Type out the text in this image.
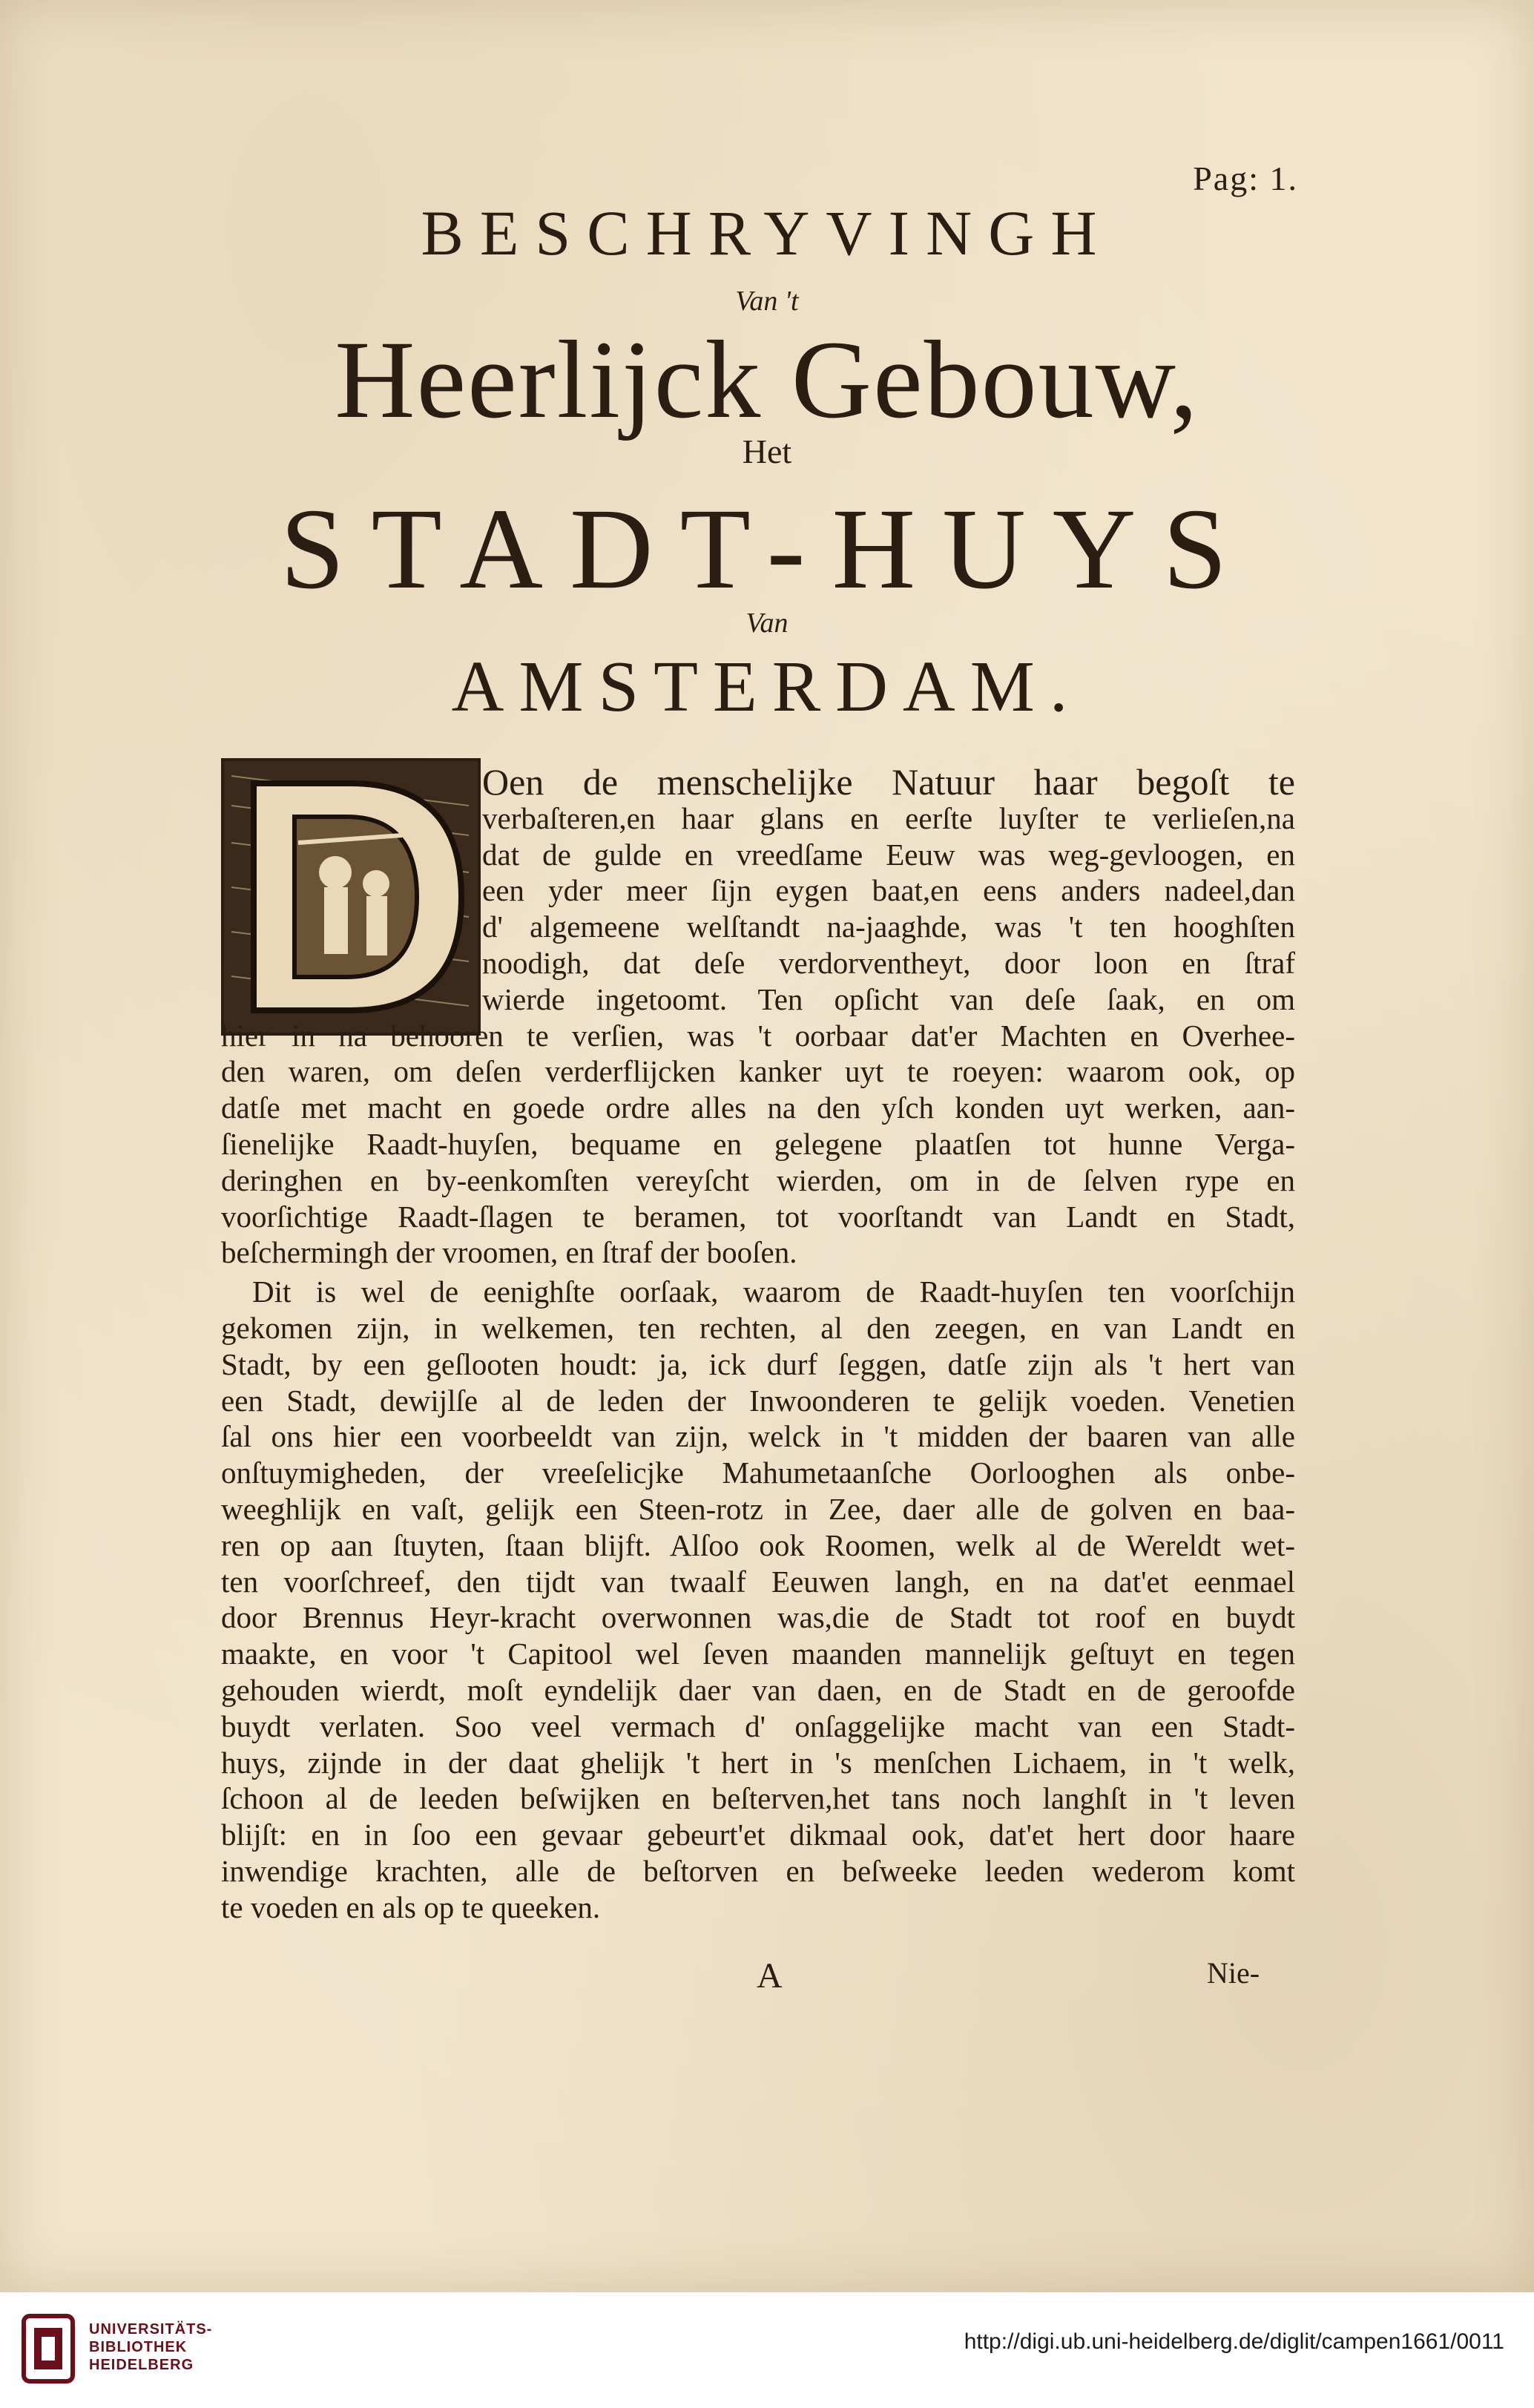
Pag: 1.
BESCHRYVINGH
Van 't
Heerlijck Gebouw,
Het
STADT-HUYS
Van
AMSTERDAM.
Oen de menschelijke Natuur haar begoſt te
verbaſteren,en haar glans en eerſte luyſter te verlieſen,na
dat de gulde en vreedſame Eeuw was weg-gevloogen, en
een yder meer ſijn eygen baat,en eens anders nadeel,dan
d' algemeene welſtandt na-jaaghde, was 't ten hooghſten
noodigh, dat deſe verdorventheyt, door loon en ſtraf
wierde ingetoomt. Ten opſicht van deſe ſaak, en om
hier in na behooren te verſien, was 't oorbaar dat'er Machten en Overhee-
den waren, om deſen verderflijcken kanker uyt te roeyen: waarom ook, op
datſe met macht en goede ordre alles na den yſch konden uyt werken, aan-
ſienelijke Raadt-huyſen, bequame en gelegene plaatſen tot hunne Verga-
deringhen en by-eenkomſten vereyſcht wierden, om in de ſelven rype en
voorſichtige Raadt-ſlagen te beramen, tot voorſtandt van Landt en Stadt,
beſchermingh der vroomen, en ſtraf der booſen.
Dit is wel de eenighſte oorſaak, waarom de Raadt-huyſen ten voorſchijn
gekomen zijn, in welkemen, ten rechten, al den zeegen, en van Landt en
Stadt, by een geſlooten houdt: ja, ick durf ſeggen, datſe zijn als 't hert van
een Stadt, dewijlſe al de leden der Inwoonderen te gelijk voeden. Venetien
ſal ons hier een voorbeeldt van zijn, welck in 't midden der baaren van alle
onſtuymigheden, der vreeſelicjke Mahumetaanſche Oorlooghen als onbe-
weeghlijk en vaſt, gelijk een Steen-rotz in Zee, daer alle de golven en baa-
ren op aan ſtuyten, ſtaan blijft. Alſoo ook Roomen, welk al de Wereldt wet-
ten voorſchreef, den tijdt van twaalf Eeuwen langh, en na dat'et eenmael
door Brennus Heyr-kracht overwonnen was,die de Stadt tot roof en buydt
maakte, en voor 't Capitool wel ſeven maanden mannelijk geſtuyt en tegen
gehouden wierdt, moſt eyndelijk daer van daen, en de Stadt en de geroofde
buydt verlaten. Soo veel vermach d' onſaggelijke macht van een Stadt-
huys, zijnde in der daat ghelijk 't hert in 's menſchen Lichaem, in 't welk,
ſchoon al de leeden beſwijken en beſterven,het tans noch langhſt in 't leven
blijſt: en in ſoo een gevaar gebeurt'et dikmaal ook, dat'et hert door haare
inwendige krachten, alle de beſtorven en beſweeke leeden wederom komt
te voeden en als op te queeken.
A	Nie-
UNIVERSITÄTS-
BIBLIOTHEK
HEIDELBERG
http://digi.ub.uni-heidelberg.de/diglit/campen1661/0011
